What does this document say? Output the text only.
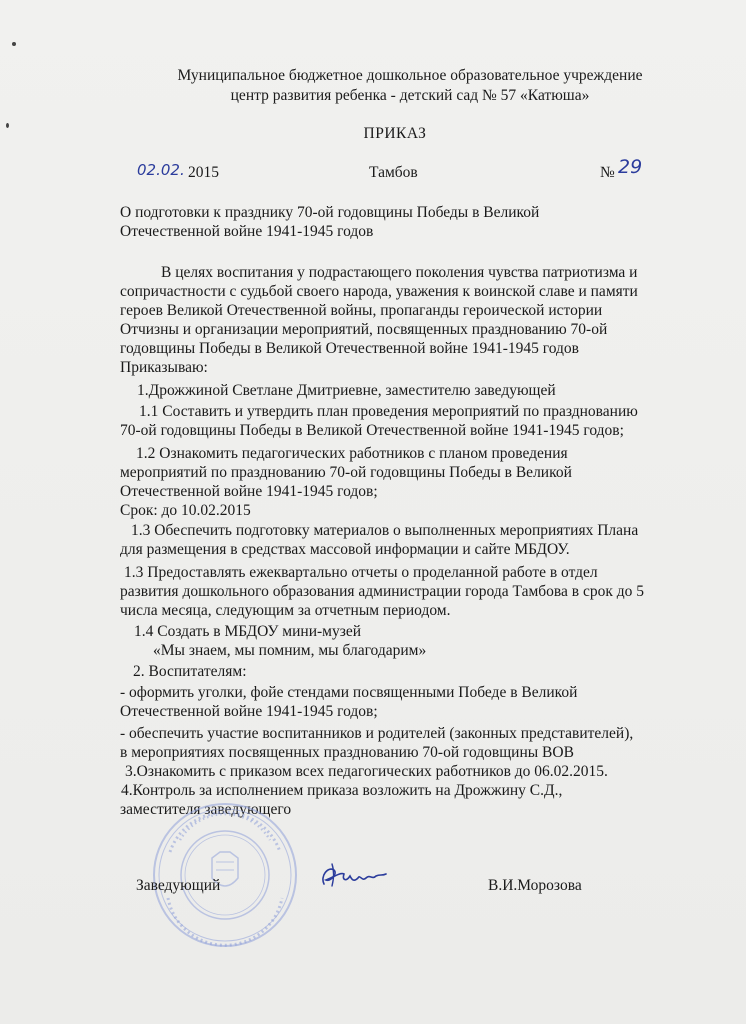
Муниципальное бюджетное дошкольное образовательное учреждение
центр развития ребенка - детский сад № 57 «Катюша»
ПРИКАЗ
02.02. 2015	Тамбов	№ 29
О подготовки к празднику 70-ой годовщины Победы в Великой
Отечественной войне 1941-1945 годов
В целях воспитания у подрастающего поколения чувства патриотизма и
сопричастности с судьбой своего народа, уважения к воинской славе и памяти
героев Великой Отечественной войны, пропаганды героической истории
Отчизны и организации мероприятий, посвященных празднованию 70-ой
годовщины Победы в Великой Отечественной войне 1941-1945 годов
Приказываю:
1.Дрожжиной Светлане Дмитриевне, заместителю заведующей
1.1 Составить и утвердить план проведения мероприятий по празднованию
70-ой годовщины Победы в Великой Отечественной войне 1941-1945 годов;
1.2 Ознакомить педагогических работников с планом проведения
мероприятий по празднованию 70-ой годовщины Победы в Великой
Отечественной войне 1941-1945 годов;
Срок: до 10.02.2015
1.3 Обеспечить подготовку материалов о выполненных мероприятиях Плана
для размещения в средствах массовой информации и сайте МБДОУ.
1.3 Предоставлять ежеквартально отчеты о проделанной работе в отдел
развития дошкольного образования администрации города Тамбова в срок до 5
числа месяца, следующим за отчетным периодом.
1.4 Создать в МБДОУ мини-музей
«Мы знаем, мы помним, мы благодарим»
2. Воспитателям:
- оформить уголки, фойе стендами посвященными Победе в Великой
Отечественной войне 1941-1945 годов;
- обеспечить участие воспитанников и родителей (законных представителей),
в мероприятиях посвященных празднованию 70-ой годовщины ВОВ
3.Ознакомить с приказом всех педагогических работников до 06.02.2015.
4.Контроль за исполнением приказа возложить на Дрожжину С.Д.,
заместителя заведующего
Заведующий	В.И.Морозова
